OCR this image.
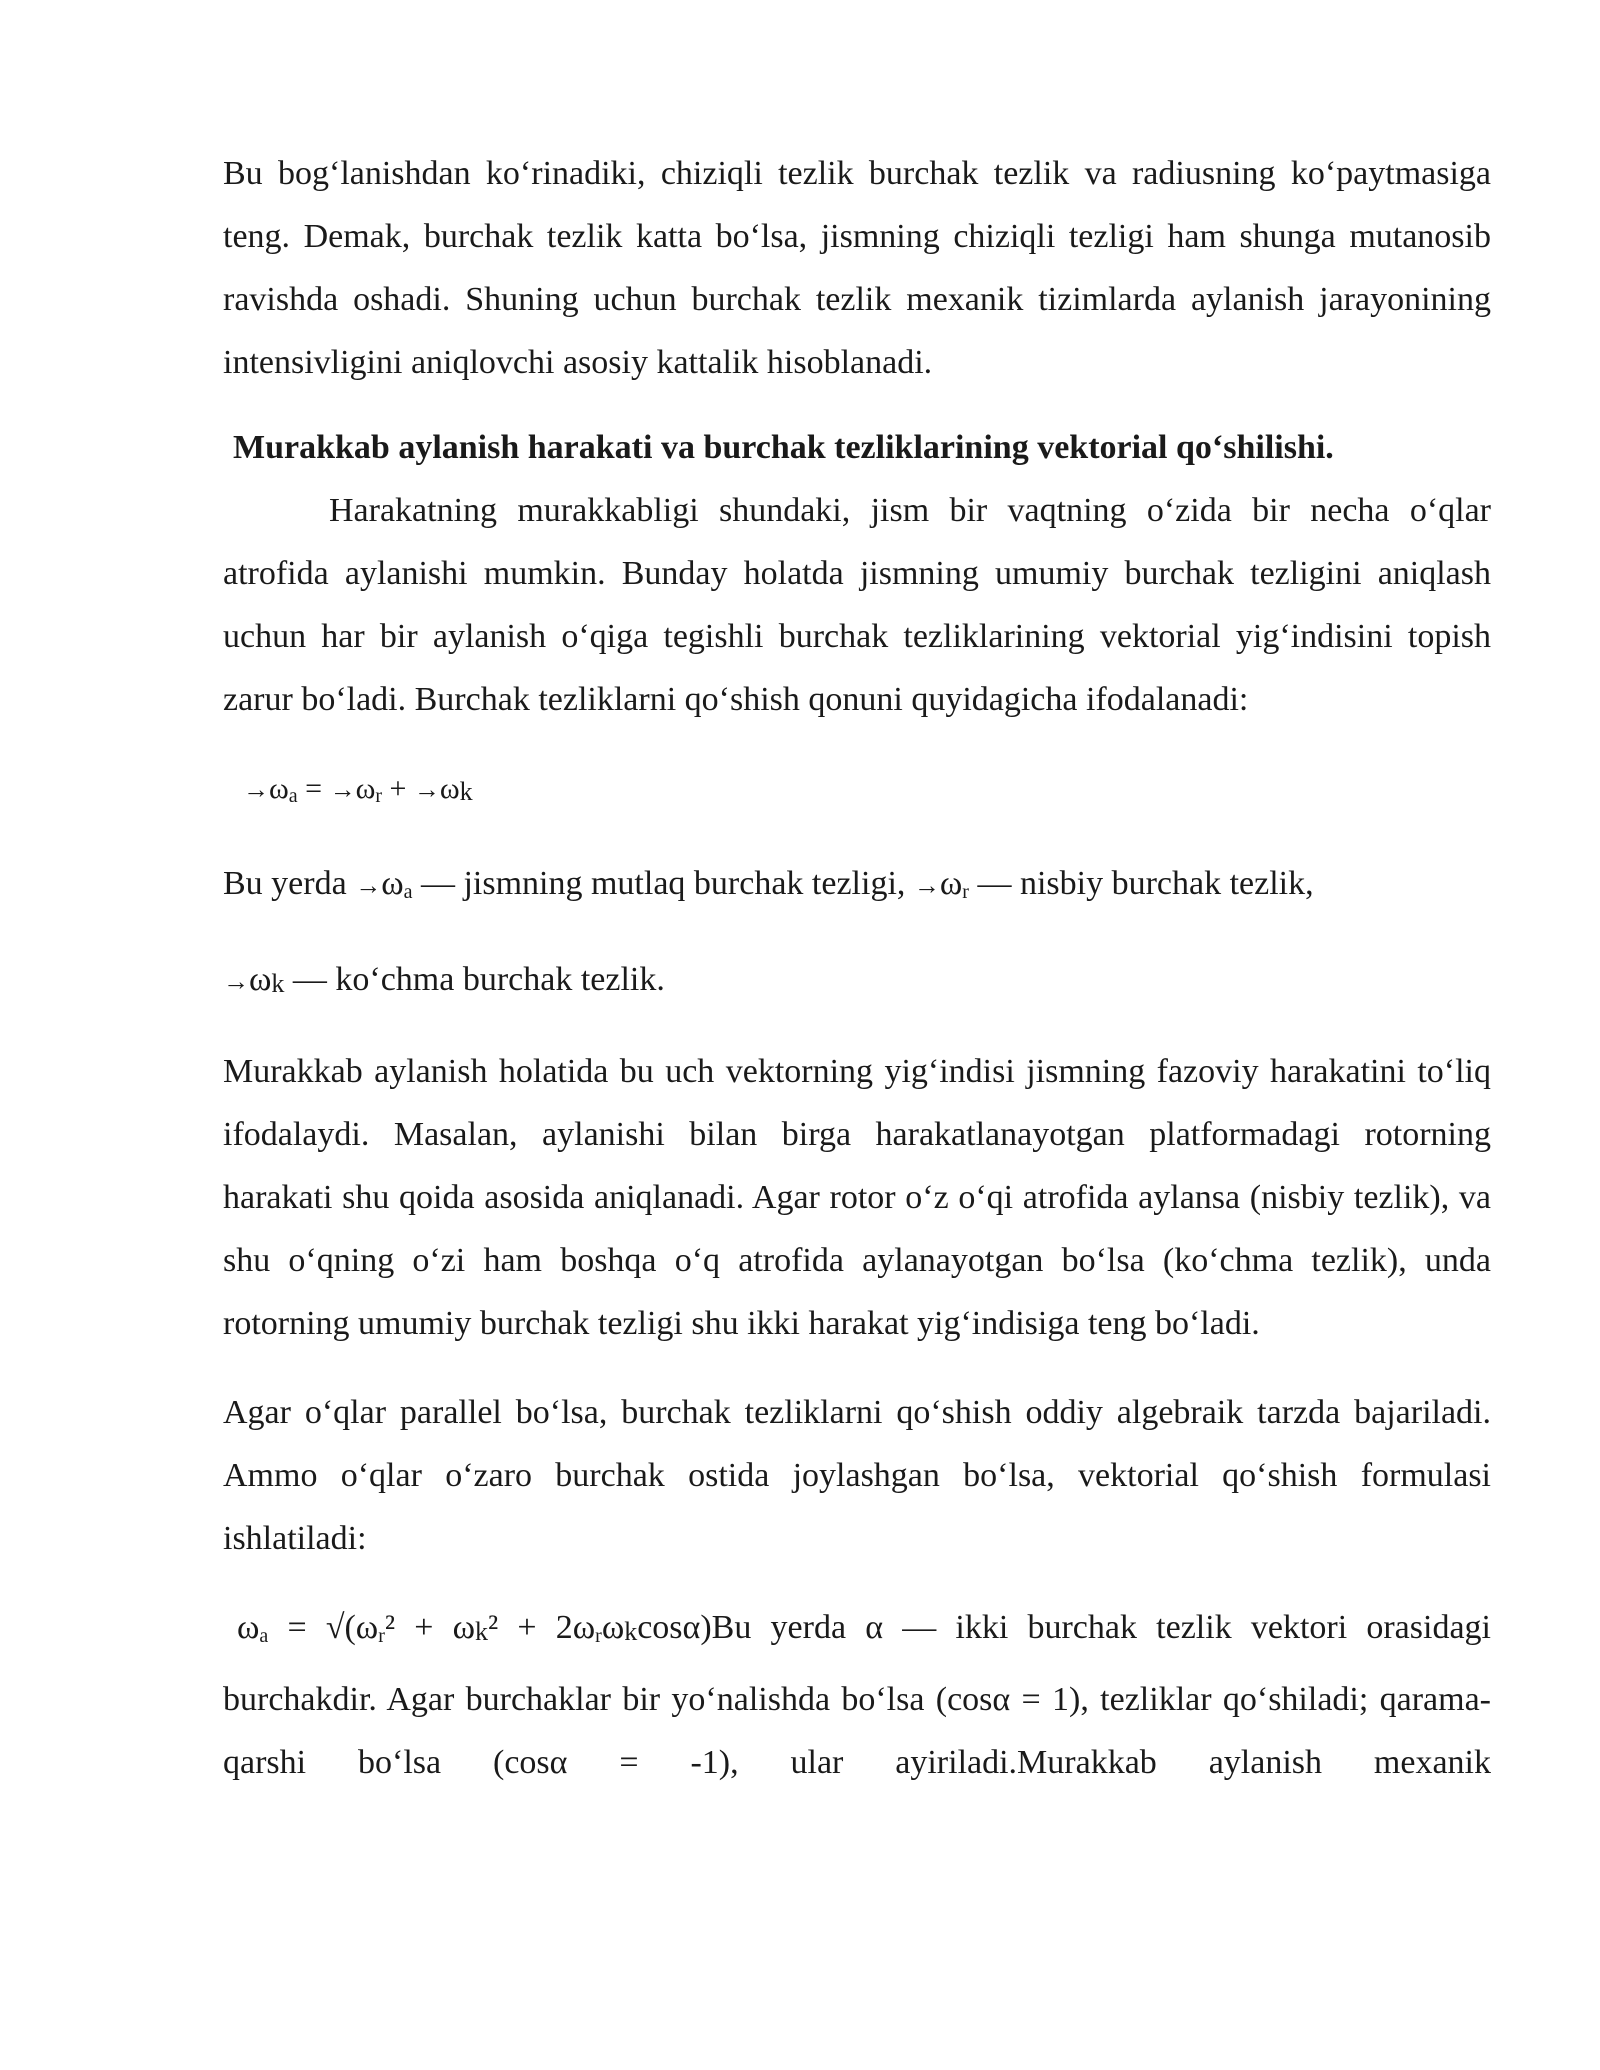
Bu bog‘lanishdan ko‘rinadiki, chiziqli tezlik burchak tezlik va radiusning ko‘paytmasiga teng. Demak, burchak tezlik katta bo‘lsa, jismning chiziqli tezligi ham shunga mutanosib ravishda oshadi. Shuning uchun burchak tezlik mexanik tizimlarda aylanish jarayonining intensivligini aniqlovchi asosiy kattalik hisoblanadi.

Murakkab aylanish harakati va burchak tezliklarining vektorial qo‘shilishi.

Harakatning murakkabligi shundaki, jism bir vaqtning o‘zida bir necha o‘qlar atrofida aylanishi mumkin. Bunday holatda jismning umumiy burchak tezligini aniqlash uchun har bir aylanish o‘qiga tegishli burchak tezliklarining vektorial yig‘indisini topish zarur bo‘ladi. Burchak tezliklarni qo‘shish qonuni quyidagicha ifodalanadi:

$\to\omega_a = \to\omega_r + \to\omega k$

Bu yerda $\to\omega_a$ — jismning mutlaq burchak tezligi, $\to\omega_r$ — nisbiy burchak tezlik,

→ωk — ko‘chma burchak tezlik.

Murakkab aylanish holatida bu uch vektorning yig‘indisi jismning fazoviy harakatini to‘liq ifodalaydi. Masalan, aylanishi bilan birga harakatlanayotgan platformadagi rotorning harakati shu qoida asosida aniqlanadi. Agar rotor o‘z o‘qi atrofida aylansa (nisbiy tezlik), va shu o‘qning o‘zi ham boshqa o‘q atrofida aylanayotgan bo‘lsa (ko‘chma tezlik), unda rotorning umumiy burchak tezligi shu ikki harakat yig‘indisiga teng bo‘ladi.

Agar o‘qlar parallel bo‘lsa, burchak tezliklarni qo‘shish oddiy algebraik tarzda bajariladi. Ammo o‘qlar o‘zaro burchak ostida joylashgan bo‘lsa, vektorial qo‘shish formulasi ishlatiladi:

$\omega_a = √(\omega_r^2 + \omega k^2 + 2\omega_r\omega kcos\alpha)Bu$ yerda α — ikki burchak tezlik vektori orasidagi burchakdir. Agar burchaklar bir yo‘nalishda bo‘lsa (cosα = 1), tezliklar qo‘shiladi; qarama-qarshi bo‘lsa (cosα = -1), ular ayiriladi.Murakkab aylanish mexanik
